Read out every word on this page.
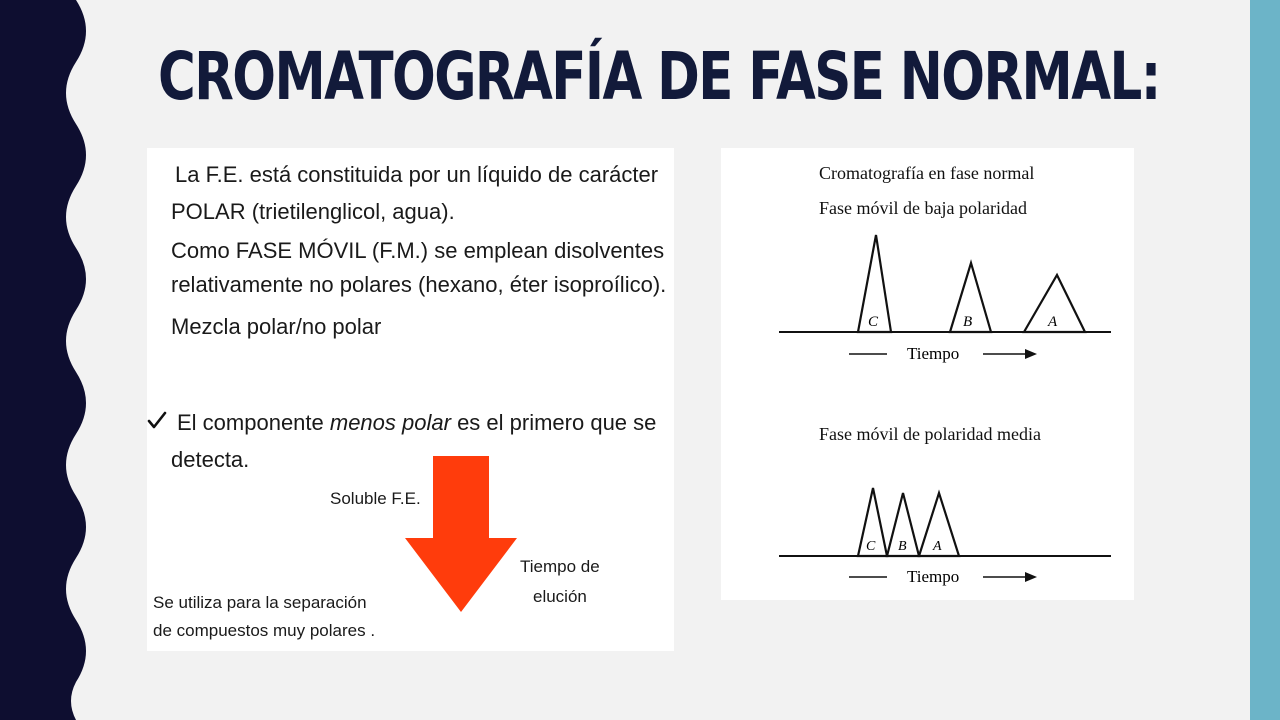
CROMATOGRAFÍA DE FASE NORMAL:

La F.E. está constituida por un líquido de carácter

POLAR (trietilenglicol, agua).

Como FASE MÓVIL (F.M.) se emplean disolventes

relativamente no polares (hexano, éter isoproílico).

Mezcla polar/no polar

El componente menos polar es el primero que se

detecta.

Soluble F.E.

Tiempo de

elución

Se utiliza para la separación

de compuestos muy polares .

Cromatografía en fase normal

Fase móvil de baja polaridad

C	B	A
Tiempo
C B A
Tiempo

Fase móvil de polaridad media
